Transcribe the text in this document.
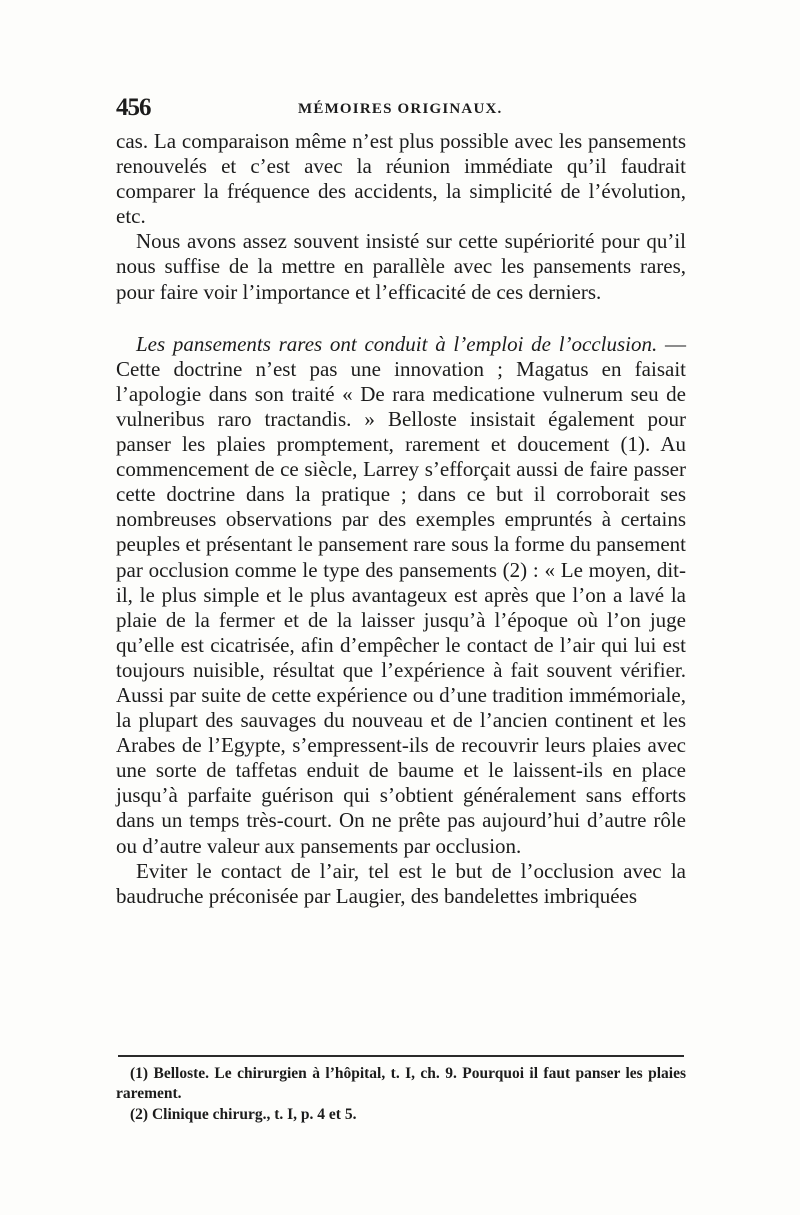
456	MÉMOIRES ORIGINAUX.

cas. La comparaison même n’est plus possible avec les pansements renouvelés et c’est avec la réunion immédiate qu’il faudrait comparer la fréquence des accidents, la simplicité de l’évolution, etc.

Nous avons assez souvent insisté sur cette supériorité pour qu’il nous suffise de la mettre en parallèle avec les pansements rares, pour faire voir l’importance et l’efficacité de ces derniers.

Les pansements rares ont conduit à l’emploi de l’occlusion. — Cette doctrine n’est pas une innovation ; Magatus en faisait l’apologie dans son traité « De rara medicatione vulnerum seu de vulneribus raro tractandis. » Belloste insistait également pour panser les plaies promptement, rarement et doucement (1). Au commencement de ce siècle, Larrey s’efforçait aussi de faire passer cette doctrine dans la pratique ; dans ce but il corroborait ses nombreuses observations par des exemples empruntés à certains peuples et présentant le pansement rare sous la forme du pansement par occlusion comme le type des pansements (2) : « Le moyen, dit-il, le plus simple et le plus avantageux est après que l’on a lavé la plaie de la fermer et de la laisser jusqu’à l’époque où l’on juge qu’elle est cicatrisée, afin d’empêcher le contact de l’air qui lui est toujours nuisible, résultat que l’expérience à fait souvent vérifier. Aussi par suite de cette expérience ou d’une tradition immémoriale, la plupart des sauvages du nouveau et de l’ancien continent et les Arabes de l’Egypte, s’empressent-ils de recouvrir leurs plaies avec une sorte de taffetas enduit de baume et le laissent-ils en place jusqu’à parfaite guérison qui s’obtient généralement sans efforts dans un temps très-court. On ne prête pas aujourd’hui d’autre rôle ou d’autre valeur aux pansements par occlusion.

Eviter le contact de l’air, tel est le but de l’occlusion avec la baudruche préconisée par Laugier, des bandelettes imbriquées

(1) Belloste. Le chirurgien à l’hôpital, t. I, ch. 9. Pourquoi il faut panser les plaies rarement.

(2) Clinique chirurg., t. I, p. 4 et 5.
